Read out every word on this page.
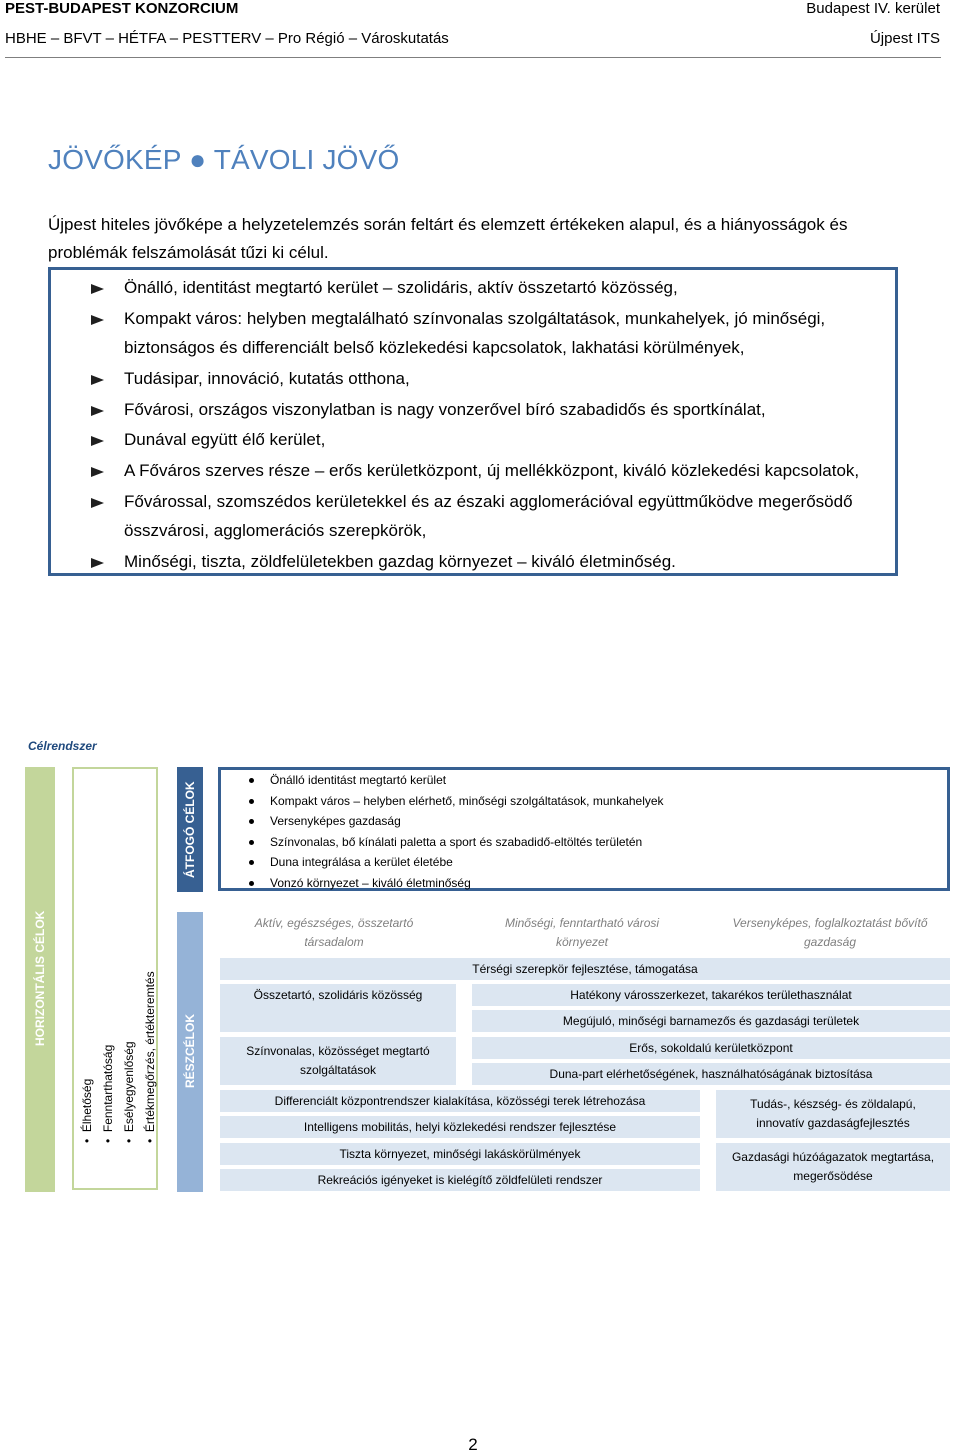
PEST-BUDAPEST KONZORCIUM
HBHE – BFVT – HÉTFA – PESTTERV – Pro Régió – Városkutatás
Budapest IV. kerület
Újpest ITS
JÖVŐKÉP ● TÁVOLI JÖVŐ
Újpest hiteles jövőképe a helyzetelemzés során feltárt és elemzett értékeken alapul, és a hiányosságok és problémák felszámolását tűzi ki célul.
Önálló, identitást megtartó kerület – szolidáris, aktív összetartó közösség,
Kompakt város: helyben megtalálható színvonalas szolgáltatások, munkahelyek, jó minőségi, biztonságos és differenciált belső közlekedési kapcsolatok, lakhatási körülmények,
Tudásipar, innováció, kutatás otthona,
Fővárosi, országos viszonylatban is nagy vonzerővel bíró szabadidős és sportkínálat,
Dunával együtt élő kerület,
A Főváros szerves része – erős kerületközpont, új mellékközpont, kiváló közlekedési kapcsolatok,
Fővárossal, szomszédos kerületekkel és az északi agglomerációval együttműködve megerősödő összvárosi, agglomerációs szerepkörök,
Minőségi, tiszta, zöldfelületekben gazdag környezet – kiváló életminőség.
Célrendszer
HORIZONTÁLIS CÉLOK
•  Élhetőség
•  Fenntarthatóság
•  Esélyegyenlőség
•  Értékmegőrzés, értékteremtés
ÁTFOGÓ CÉLOK
Önálló identitást megtartó kerület
Kompakt város – helyben elérhető, minőségi szolgáltatások, munkahelyek
Versenyképes gazdaság
Színvonalas, bő kínálati paletta a sport és szabadidő-eltöltés területén
Duna integrálása a kerület életébe
Vonzó környezet – kiváló életminőség
RÉSZCÉLOK
Aktív, egészséges, összetartó társadalom
Minőségi, fenntartható városi környezet
Versenyképes, foglalkoztatást bővítő gazdaság
Térségi szerepkör fejlesztése, támogatása
Összetartó, szolidáris közösség	Hatékony városszerkezet, takarékos területhasználat
Megújuló, minőségi barnamezős és gazdasági területek
Színvonalas, közösséget megtartó szolgáltatások
Erős, sokoldalú kerületközpont
Duna-part elérhetőségének, használhatóságának biztosítása
Differenciált központrendszer kialakítása, közösségi terek létrehozása
Intelligens mobilitás, helyi közlekedési rendszer fejlesztése
Tudás-, készség- és zöldalapú, innovatív gazdaságfejlesztés
Tiszta környezet, minőségi lakáskörülmények
Rekreációs igényeket is kielégítő zöldfelületi rendszer
Gazdasági húzóágazatok megtartása, megerősödése
2
